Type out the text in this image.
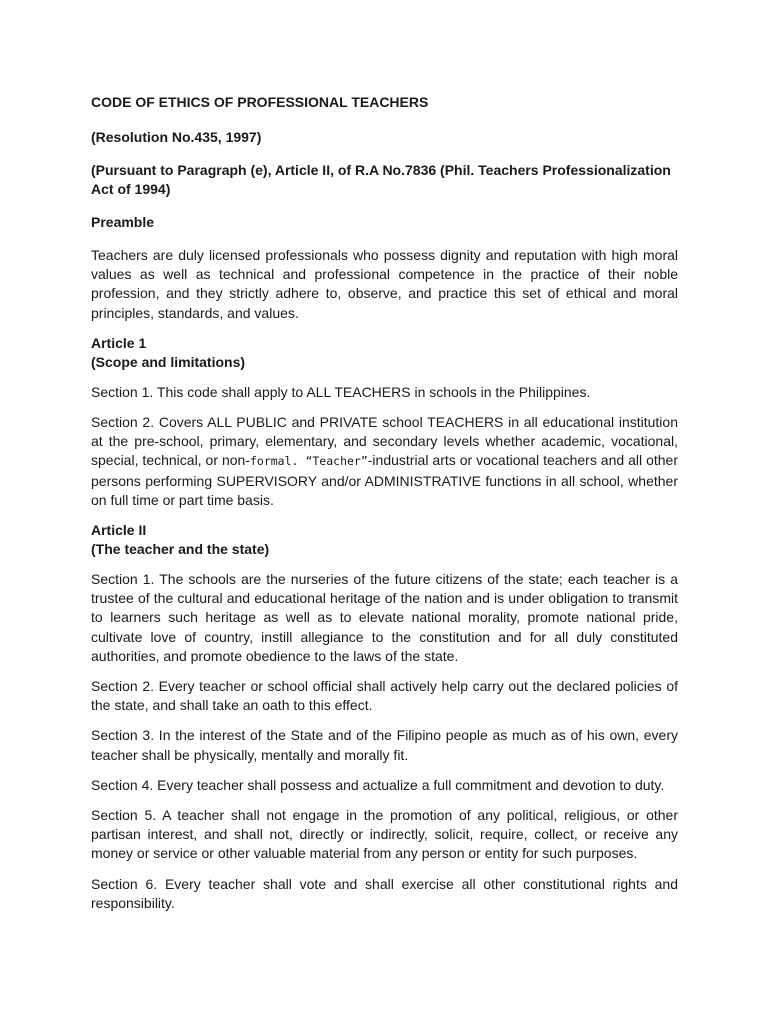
CODE OF ETHICS OF PROFESSIONAL TEACHERS

(Resolution No.435, 1997)

(Pursuant to Paragraph (e), Article II, of R.A No.7836 (Phil. Teachers Professionalization Act of 1994)

Preamble

Teachers are duly licensed professionals who possess dignity and reputation with high moral values as well as technical and professional competence in the practice of their noble profession, and they strictly adhere to, observe, and practice this set of ethical and moral principles, standards, and values.

Article 1

(Scope and limitations)

Section 1. This code shall apply to ALL TEACHERS in schools in the Philippines.

Section 2. Covers ALL PUBLIC and PRIVATE school TEACHERS in all educational institution at the pre-school, primary, elementary, and secondary levels whether academic, vocational, special, technical, or non-formal. “Teacher”-industrial arts or vocational teachers and all other persons performing SUPERVISORY and/or ADMINISTRATIVE functions in all school, whether on full time or part time basis.

Article II

(The teacher and the state)

Section 1. The schools are the nurseries of the future citizens of the state; each teacher is a trustee of the cultural and educational heritage of the nation and is under obligation to transmit to learners such heritage as well as to elevate national morality, promote national pride, cultivate love of country, instill allegiance to the constitution and for all duly constituted authorities, and promote obedience to the laws of the state.

Section 2. Every teacher or school official shall actively help carry out the declared policies of the state, and shall take an oath to this effect.

Section 3. In the interest of the State and of the Filipino people as much as of his own, every teacher shall be physically, mentally and morally fit.

Section 4. Every teacher shall possess and actualize a full commitment and devotion to duty.

Section 5. A teacher shall not engage in the promotion of any political, religious, or other partisan interest, and shall not, directly or indirectly, solicit, require, collect, or receive any money or service or other valuable material from any person or entity for such purposes.

Section 6. Every teacher shall vote and shall exercise all other constitutional rights and responsibility.
